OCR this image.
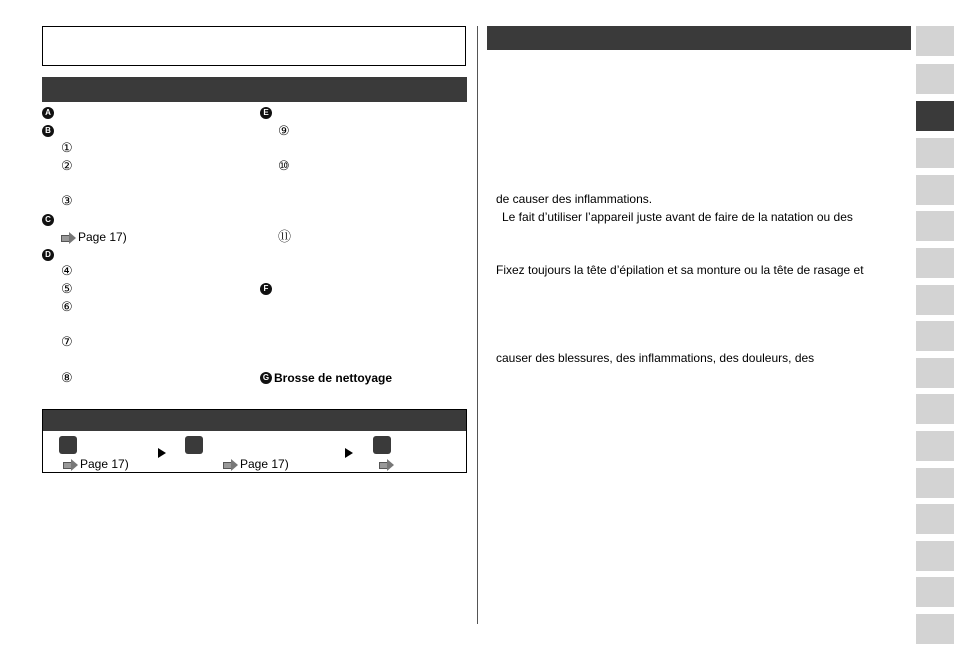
A
B
①
②
③
C
Page 17)
D
④
⑤
⑥
⑦
⑧
E
⑨
⑩
⑪
F
G Brosse de nettoyage
Page 17)	Page 17)
de causer des inflammations.
Le fait d’utiliser l’appareil juste avant de faire de la natation ou des
Fixez toujours la tête d’épilation et sa monture ou la tête de rasage et
causer des blessures, des inflammations, des douleurs, des
